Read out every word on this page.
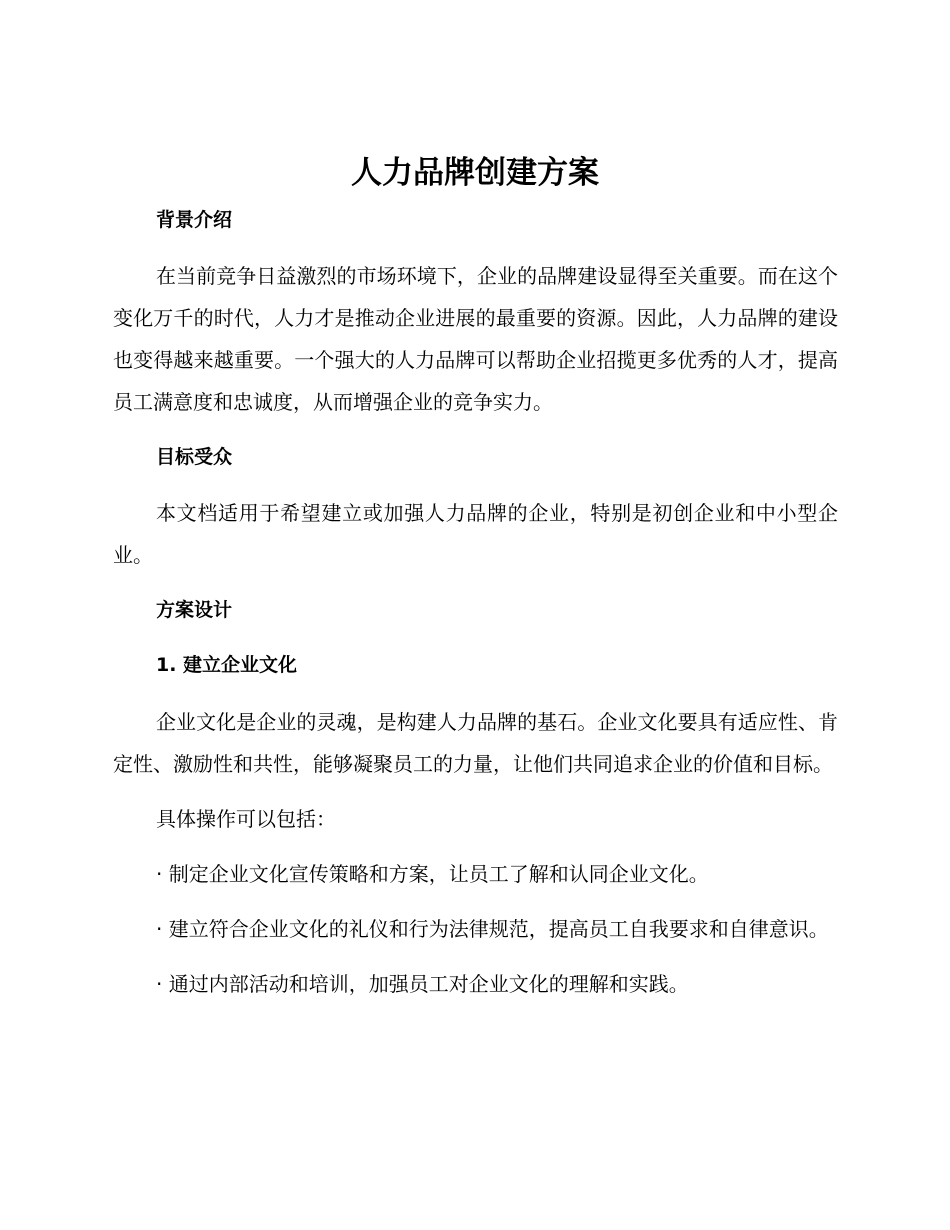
人力品牌创建方案

背景介绍

在当前竞争日益激烈的市场环境下，企业的品牌建设显得至关重要。而在这个变化万千的时代，人力才是推动企业进展的最重要的资源。因此，人力品牌的建设也变得越来越重要。一个强大的人力品牌可以帮助企业招揽更多优秀的人才，提高员工满意度和忠诚度，从而增强企业的竞争实力。

目标受众

本文档适用于希望建立或加强人力品牌的企业，特别是初创企业和中小型企业。

方案设计

1. 建立企业文化

企业文化是企业的灵魂，是构建人力品牌的基石。企业文化要具有适应性、肯定性、激励性和共性，能够凝聚员工的力量，让他们共同追求企业的价值和目标。

具体操作可以包括：

· 制定企业文化宣传策略和方案，让员工了解和认同企业文化。

· 建立符合企业文化的礼仪和行为法律规范，提高员工自我要求和自律意识。

· 通过内部活动和培训，加强员工对企业文化的理解和实践。
